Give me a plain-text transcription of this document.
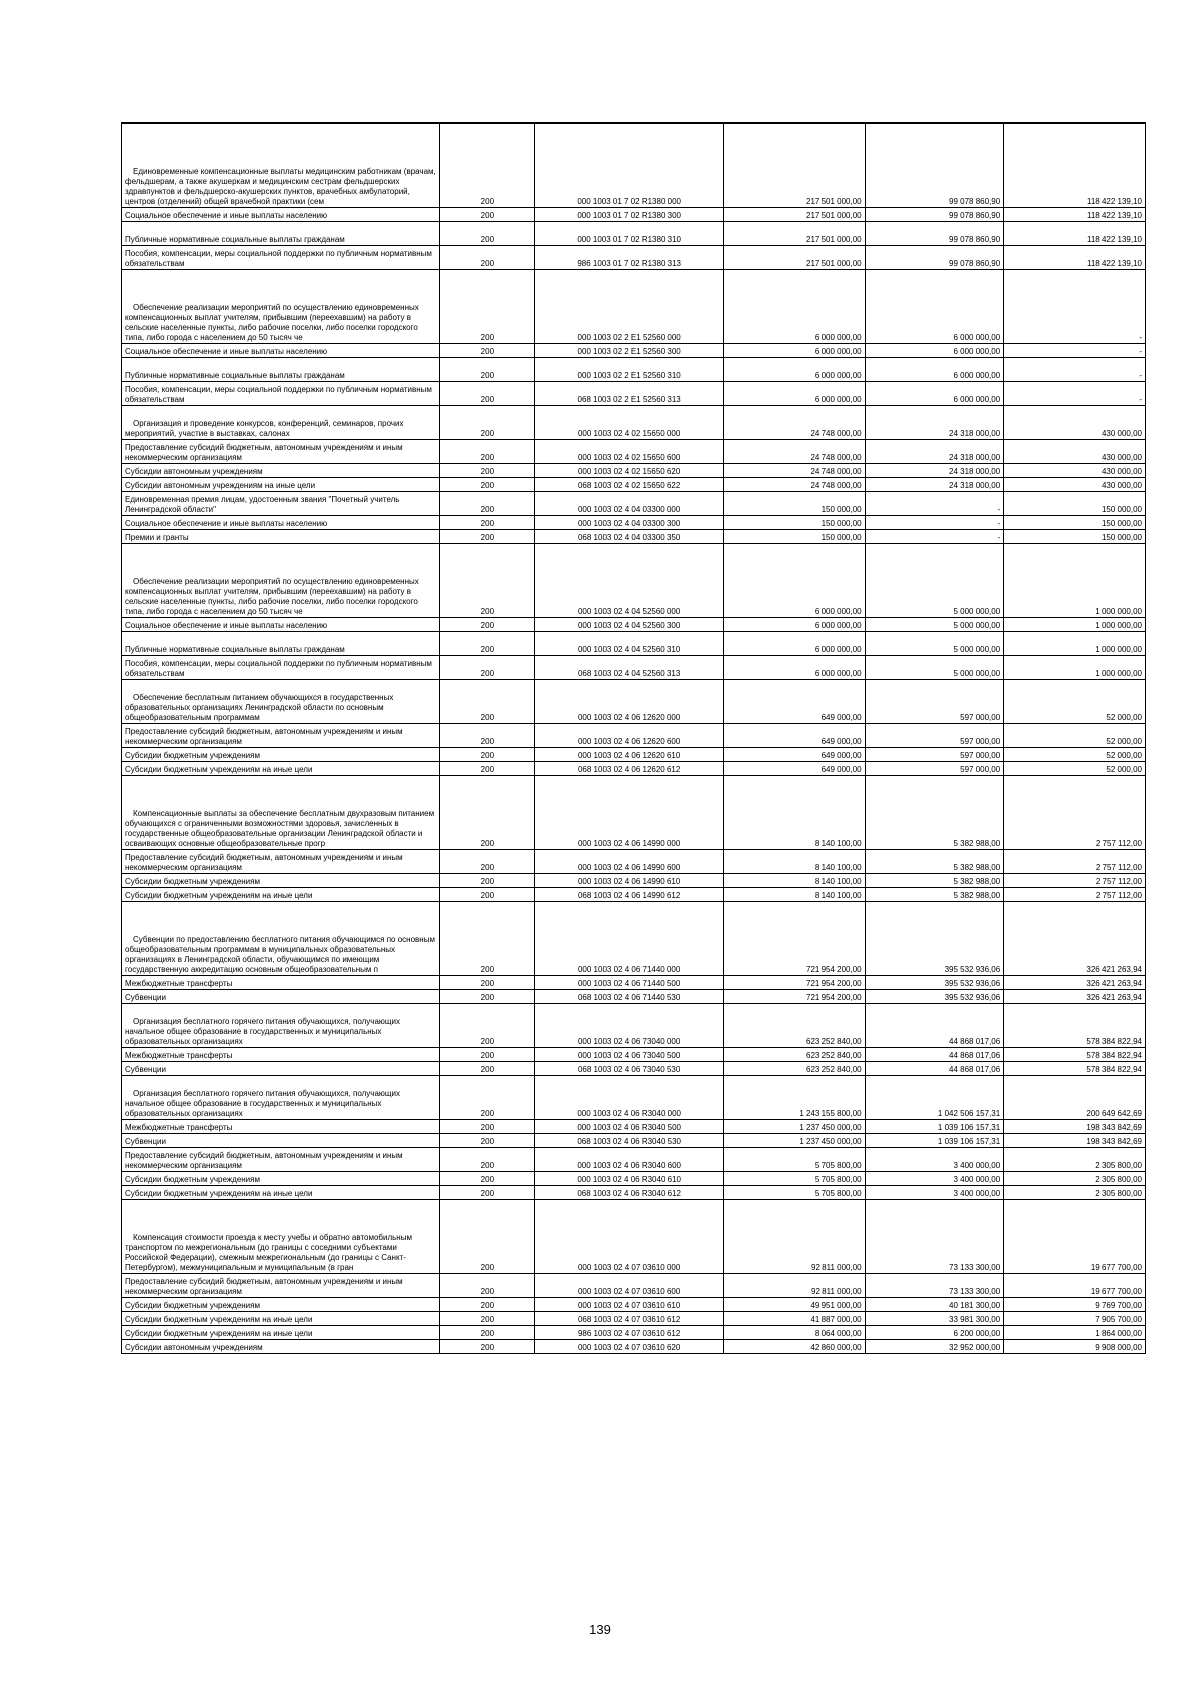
Единовременные компенсационные выплаты медицинским работникам (врачам, фельдшерам, а также акушеркам и медицинским сестрам фельдшерских здравпунктов и фельдшерско-акушерских пунктов, врачебных амбулаторий, центров (отделений) общей врачебной практики (сем	200	000 1003 01 7 02 R1380 000	217 501 000,00	99 078 860,90	118 422 139,10
Социальное обеспечение и иные выплаты населению	200	000 1003 01 7 02 R1380 300	217 501 000,00	99 078 860,90	118 422 139,10
Публичные нормативные социальные выплаты гражданам	200	000 1003 01 7 02 R1380 310	217 501 000,00	99 078 860,90	118 422 139,10
Пособия, компенсации, меры социальной поддержки по публичным нормативным обязательствам	200	986 1003 01 7 02 R1380 313	217 501 000,00	99 078 860,90	118 422 139,10
Обеспечение реализации мероприятий по осуществлению единовременных компенсационных выплат учителям, прибывшим (переехавшим) на работу в сельские населенные пункты, либо рабочие поселки, либо поселки городского типа, либо города с населением до 50 тысяч че	200	000 1003 02 2 E1 52560 000	6 000 000,00	6 000 000,00	-
Социальное обеспечение и иные выплаты населению	200	000 1003 02 2 E1 52560 300	6 000 000,00	6 000 000,00	-
Публичные нормативные социальные выплаты гражданам	200	000 1003 02 2 E1 52560 310	6 000 000,00	6 000 000,00	-
Пособия, компенсации, меры социальной поддержки по публичным нормативным обязательствам	200	068 1003 02 2 E1 52560 313	6 000 000,00	6 000 000,00	-
Организация и проведение конкурсов, конференций, семинаров, прочих мероприятий, участие в выставках, салонах	200	000 1003 02 4 02 15650 000	24 748 000,00	24 318 000,00	430 000,00
Предоставление субсидий бюджетным, автономным учреждениям и иным некоммерческим организациям	200	000 1003 02 4 02 15650 600	24 748 000,00	24 318 000,00	430 000,00
Субсидии автономным учреждениям	200	000 1003 02 4 02 15650 620	24 748 000,00	24 318 000,00	430 000,00
Субсидии автономным учреждениям на иные цели	200	068 1003 02 4 02 15650 622	24 748 000,00	24 318 000,00	430 000,00
Единовременная премия лицам, удостоенным звания "Почетный учитель Ленинградской области"	200	000 1003 02 4 04 03300 000	150 000,00	-	150 000,00
Социальное обеспечение и иные выплаты населению	200	000 1003 02 4 04 03300 300	150 000,00	-	150 000,00
Премии и гранты	200	068 1003 02 4 04 03300 350	150 000,00	-	150 000,00
Обеспечение реализации мероприятий по осуществлению единовременных компенсационных выплат учителям, прибывшим (переехавшим) на работу в сельские населенные пункты, либо рабочие поселки, либо поселки городского типа, либо города с населением до 50 тысяч че	200	000 1003 02 4 04 52560 000	6 000 000,00	5 000 000,00	1 000 000,00
Социальное обеспечение и иные выплаты населению	200	000 1003 02 4 04 52560 300	6 000 000,00	5 000 000,00	1 000 000,00
Публичные нормативные социальные выплаты гражданам	200	000 1003 02 4 04 52560 310	6 000 000,00	5 000 000,00	1 000 000,00
Пособия, компенсации, меры социальной поддержки по публичным нормативным обязательствам	200	068 1003 02 4 04 52560 313	6 000 000,00	5 000 000,00	1 000 000,00
Обеспечение бесплатным питанием обучающихся в государственных образовательных организациях Ленинградской области по основным общеобразовательным программам	200	000 1003 02 4 06 12620 000	649 000,00	597 000,00	52 000,00
Предоставление субсидий бюджетным, автономным учреждениям и иным некоммерческим организациям	200	000 1003 02 4 06 12620 600	649 000,00	597 000,00	52 000,00
Субсидии бюджетным учреждениям	200	000 1003 02 4 06 12620 610	649 000,00	597 000,00	52 000,00
Субсидии бюджетным учреждениям на иные цели	200	068 1003 02 4 06 12620 612	649 000,00	597 000,00	52 000,00
Компенсационные выплаты за обеспечение бесплатным двухразовым питанием обучающихся с ограниченными возможностями здоровья, зачисленных в государственные общеобразовательные организации Ленинградской области и осваивающих основные общеобразовательные прогр	200	000 1003 02 4 06 14990 000	8 140 100,00	5 382 988,00	2 757 112,00
Предоставление субсидий бюджетным, автономным учреждениям и иным некоммерческим организациям	200	000 1003 02 4 06 14990 600	8 140 100,00	5 382 988,00	2 757 112,00
Субсидии бюджетным учреждениям	200	000 1003 02 4 06 14990 610	8 140 100,00	5 382 988,00	2 757 112,00
Субсидии бюджетным учреждениям на иные цели	200	068 1003 02 4 06 14990 612	8 140 100,00	5 382 988,00	2 757 112,00
Субвенции по предоставлению бесплатного питания обучающимся по основным общеобразовательным программам в муниципальных образовательных организациях в Ленинградской области, обучающимся по имеющим государственную аккредитацию основным общеобразовательным п	200	000 1003 02 4 06 71440 000	721 954 200,00	395 532 936,06	326 421 263,94
Межбюджетные трансферты	200	000 1003 02 4 06 71440 500	721 954 200,00	395 532 936,06	326 421 263,94
Субвенции	200	068 1003 02 4 06 71440 530	721 954 200,00	395 532 936,06	326 421 263,94
Организация бесплатного горячего питания обучающихся, получающих начальное общее образование в государственных и муниципальных образовательных организациях	200	000 1003 02 4 06 73040 000	623 252 840,00	44 868 017,06	578 384 822,94
Межбюджетные трансферты	200	000 1003 02 4 06 73040 500	623 252 840,00	44 868 017,06	578 384 822,94
Субвенции	200	068 1003 02 4 06 73040 530	623 252 840,00	44 868 017,06	578 384 822,94
Организация бесплатного горячего питания обучающихся, получающих начальное общее образование в государственных и муниципальных образовательных организациях	200	000 1003 02 4 06 R3040 000	1 243 155 800,00	1 042 506 157,31	200 649 642,69
Межбюджетные трансферты	200	000 1003 02 4 06 R3040 500	1 237 450 000,00	1 039 106 157,31	198 343 842,69
Субвенции	200	068 1003 02 4 06 R3040 530	1 237 450 000,00	1 039 106 157,31	198 343 842,69
Предоставление субсидий бюджетным, автономным учреждениям и иным некоммерческим организациям	200	000 1003 02 4 06 R3040 600	5 705 800,00	3 400 000,00	2 305 800,00
Субсидии бюджетным учреждениям	200	000 1003 02 4 06 R3040 610	5 705 800,00	3 400 000,00	2 305 800,00
Субсидии бюджетным учреждениям на иные цели	200	068 1003 02 4 06 R3040 612	5 705 800,00	3 400 000,00	2 305 800,00
Компенсация стоимости проезда к месту учебы и обратно автомобильным транспортом по межрегиональным (до границы с соседними субъектами Российской Федерации), смежным межрегиональным (до границы с Санкт-Петербургом), межмуниципальным и муниципальным (в гран	200	000 1003 02 4 07 03610 000	92 811 000,00	73 133 300,00	19 677 700,00
Предоставление субсидий бюджетным, автономным учреждениям и иным некоммерческим организациям	200	000 1003 02 4 07 03610 600	92 811 000,00	73 133 300,00	19 677 700,00
Субсидии бюджетным учреждениям	200	000 1003 02 4 07 03610 610	49 951 000,00	40 181 300,00	9 769 700,00
Субсидии бюджетным учреждениям на иные цели	200	068 1003 02 4 07 03610 612	41 887 000,00	33 981 300,00	7 905 700,00
Субсидии бюджетным учреждениям на иные цели	200	986 1003 02 4 07 03610 612	8 064 000,00	6 200 000,00	1 864 000,00
Субсидии автономным учреждениям	200	000 1003 02 4 07 03610 620	42 860 000,00	32 952 000,00	9 908 000,00
139
